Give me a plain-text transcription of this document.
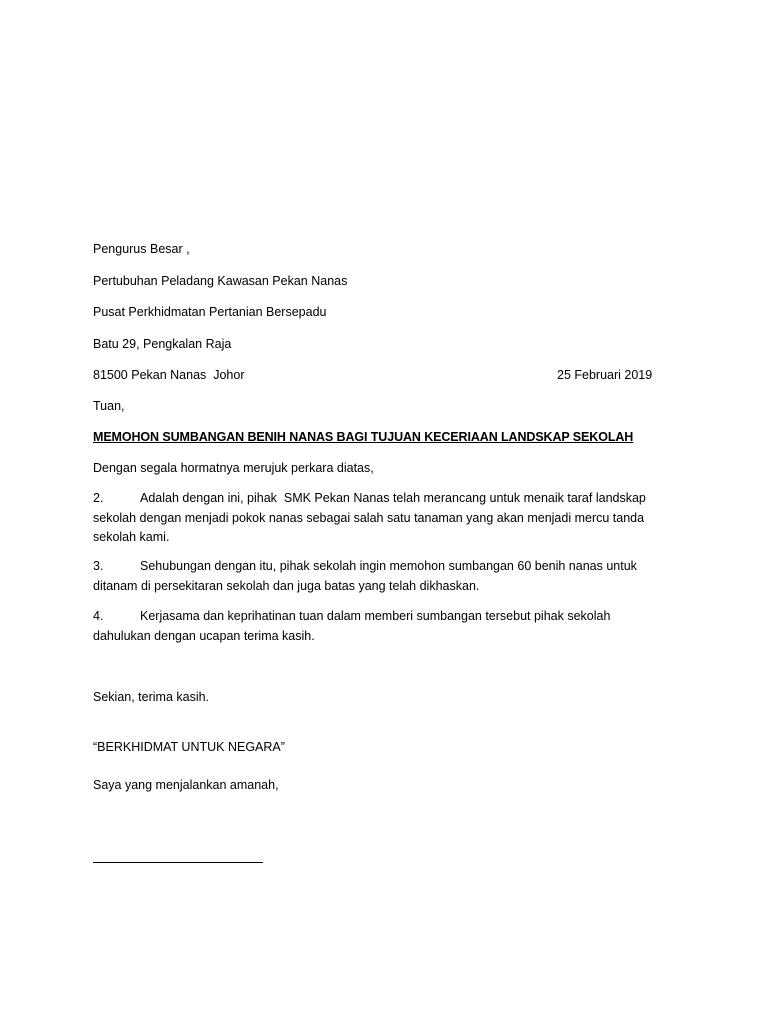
Pengurus Besar ,
Pertubuhan Peladang Kawasan Pekan Nanas
Pusat Perkhidmatan Pertanian Bersepadu
Batu 29, Pengkalan Raja
81500 Pekan Nanas  Johor	25 Februari 2019
Tuan,
MEMOHON SUMBANGAN BENIH NANAS BAGI TUJUAN KECERIAAN LANDSKAP SEKOLAH
Dengan segala hormatnya merujuk perkara diatas,
2.	Adalah dengan ini, pihak  SMK Pekan Nanas telah merancang untuk menaik taraf landskap
sekolah dengan menjadi pokok nanas sebagai salah satu tanaman yang akan menjadi mercu tanda
sekolah kami.
3.	Sehubungan dengan itu, pihak sekolah ingin memohon sumbangan 60 benih nanas untuk
ditanam di persekitaran sekolah dan juga batas yang telah dikhaskan.
4.	Kerjasama dan keprihatinan tuan dalam memberi sumbangan tersebut pihak sekolah
dahulukan dengan ucapan terima kasih.
Sekian, terima kasih.
“BERKHIDMAT UNTUK NEGARA”
Saya yang menjalankan amanah,
